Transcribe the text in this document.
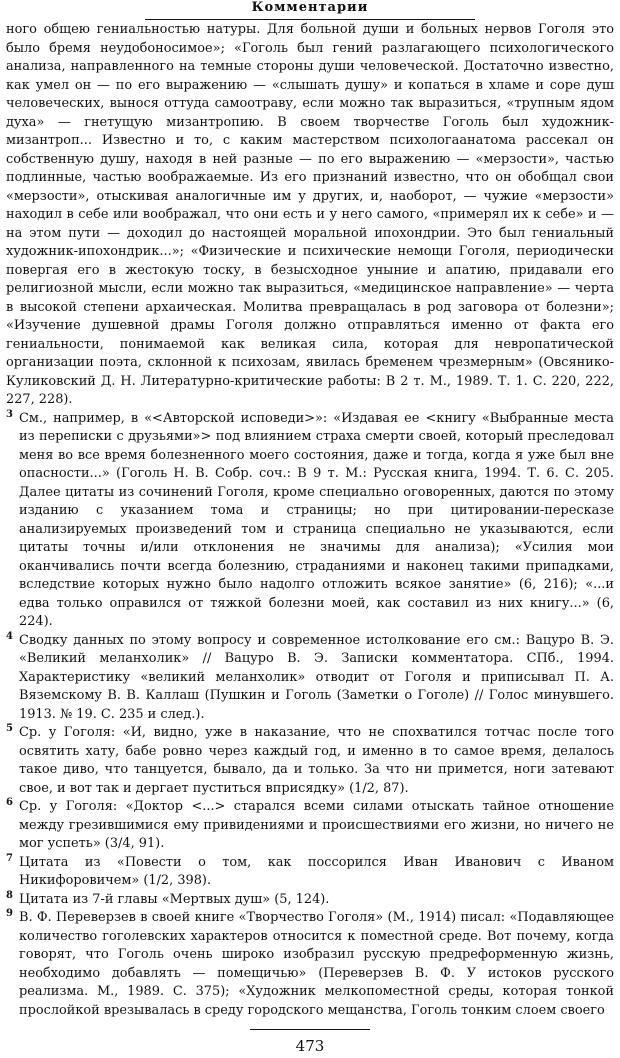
Комментарии

ного общею гениальностью натуры. Для больной души и больных нервов Гоголя это было бремя неудобоносимое»; «Гоголь был гений разлагающего психологического анализа, направленного на темные стороны души человеческой. Достаточно известно, как умел он — по его выражению — «слышать душу» и копаться в хламе и соре душ человеческих, вынося оттуда самоотраву, если можно так выразиться, «трупным ядом духа» — гнетущую мизантропию. В своем творчестве Гоголь был художник-мизантроп... Известно и то, с каким мастерством психологаанатома рассекал он собственную душу, находя в ней разные — по его выражению — «мерзости», частью подлинные, частью воображаемые. Из его признаний известно, что он обобщал свои «мерзости», отыскивая аналогичные им у других, и, наоборот, — чужие «мерзости» находил в себе или воображал, что они есть и у него самого, «примерял их к себе» и — на этом пути — доходил до настоящей моральной ипохондрии. Это был гениальный художник-ипохондрик...»; «Физические и психические немощи Гоголя, периодически повергая его в жестокую тоску, в безысходное уныние и апатию, придавали его религиозной мысли, если можно так выразиться, «медицинское направление» — черта в высокой степени архаическая. Молитва превращалась в род заговора от болезни»; «Изучение душевной драмы Гоголя должно отправляться именно от факта его гениальности, понимаемой как великая сила, которая для невропатической организации поэта, склонной к психозам, явилась бременем чрезмерным» (Овсянико-Куликовский Д. Н. Литературно-критические работы: В 2 т. М., 1989. Т. 1. С. 220, 222, 227, 228).

3 См., например, в «<Авторской исповеди>»: «Издавая ее <книгу «Выбранные места из переписки с друзьями»> под влиянием страха смерти своей, который преследовал меня во все время болезненного моего состояния, даже и тогда, когда я уже был вне опасности...» (Гоголь Н. В. Собр. соч.: В 9 т. М.: Русская книга, 1994. Т. 6. С. 205. Далее цитаты из сочинений Гоголя, кроме специально оговоренных, даются по этому изданию с указанием тома и страницы; но при цитировании-пересказе анализируемых произведений том и страница специально не указываются, если цитаты точны и/или отклонения не значимы для анализа); «Усилия мои оканчивались почти всегда болезнию, страданиями и наконец такими припадками, вследствие которых нужно было надолго отложить всякое занятие» (6, 216); «...и едва только оправился от тяжкой болезни моей, как составил из них книгу...» (6, 224).
4 Сводку данных по этому вопросу и современное истолкование его см.: Вацуро В. Э. «Великий меланхолик» // Вацуро В. Э. Записки комментатора. СПб., 1994. Характеристику «великий меланхолик» отводит от Гоголя и приписывал П. А. Вяземскому В. В. Каллаш (Пушкин и Гоголь (Заметки о Гоголе) // Голос минувшего. 1913. № 19. С. 235 и след.).
5 Ср. у Гоголя: «И, видно, уже в наказание, что не спохватился тотчас после того освятить хату, бабе ровно через каждый год, и именно в то самое время, делалось такое диво, что танцуется, бывало, да и только. За что ни примется, ноги затевают свое, и вот так и дергает пуститься вприсядку» (1/2, 87).
6 Ср. у Гоголя: «Доктор <...> старался всеми силами отыскать тайное отношение между грезившимися ему привидениями и происшествиями его жизни, но ничего не мог успеть» (3/4, 91).
7 Цитата из «Повести о том, как поссорился Иван Иванович с Иваном Никифоровичем» (1/2, 398).
8 Цитата из 7-й главы «Мертвых душ» (5, 124).
9 В. Ф. Переверзев в своей книге «Творчество Гоголя» (М., 1914) писал: «Подавляющее количество гоголевских характеров относится к поместной среде. Вот почему, когда говорят, что Гоголь очень широко изобразил русскую предреформенную жизнь, необходимо добавлять — помещичью» (Переверзев В. Ф. У истоков русского реализма. М., 1989. С. 375); «Художник мелкопоместной среды, которая тонкой прослойкой врезывалась в среду городского мещанства, Гоголь тонким слоем своего
473
